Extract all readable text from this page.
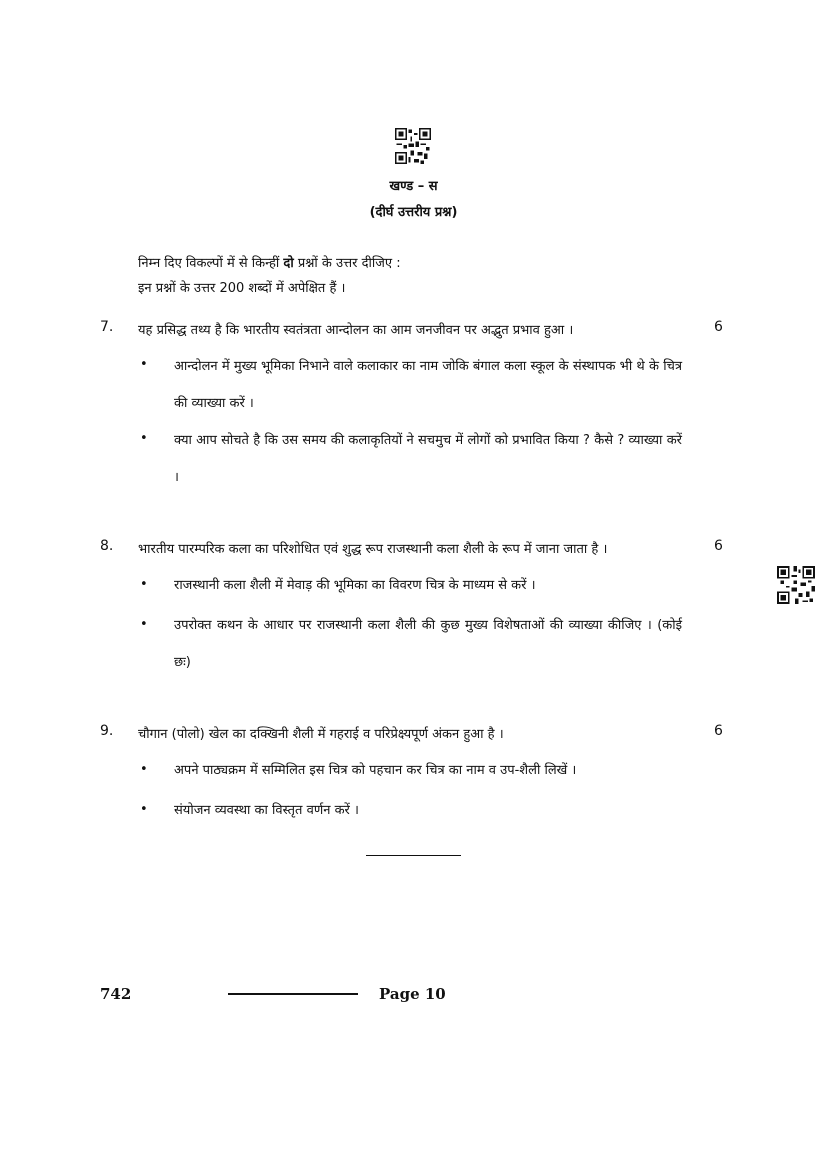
खण्ड – स
(दीर्घ उत्तरीय प्रश्न)
निम्न दिए विकल्पों में से किन्हीं दो प्रश्नों के उत्तर दीजिए :
इन प्रश्नों के उत्तर 200 शब्दों में अपेक्षित हैं ।
7. यह प्रसिद्ध तथ्य है कि भारतीय स्वतंत्रता आन्दोलन का आम जनजीवन पर अद्भुत प्रभाव हुआ ।	6
• आन्दोलन में मुख्य भूमिका निभाने वाले कलाकार का नाम जोकि बंगाल कला स्कूल के संस्थापक भी थे के चित्र की व्याख्या करें ।
• क्या आप सोचते है कि उस समय की कलाकृतियों ने सचमुच में लोगों को प्रभावित किया ? कैसे ? व्याख्या करें ।
8. भारतीय पारम्परिक कला का परिशोधित एवं शुद्ध रूप राजस्थानी कला शैली के रूप में जाना जाता है ।	6
• राजस्थानी कला शैली में मेवाड़ की भूमिका का विवरण चित्र के माध्यम से करें ।
• उपरोक्त कथन के आधार पर राजस्थानी कला शैली की कुछ मुख्य विशेषताओं की व्याख्या कीजिए । (कोई छः)
9. चौगान (पोलो) खेल का दक्खिनी शैली में गहराई व परिप्रेक्ष्यपूर्ण अंकन हुआ है ।	6
• अपने पाठ्यक्रम में सम्मिलित इस चित्र को पहचान कर चित्र का नाम व उप-शैली लिखें ।
• संयोजन व्यवस्था का विस्तृत वर्णन करें ।
742	Page 10
